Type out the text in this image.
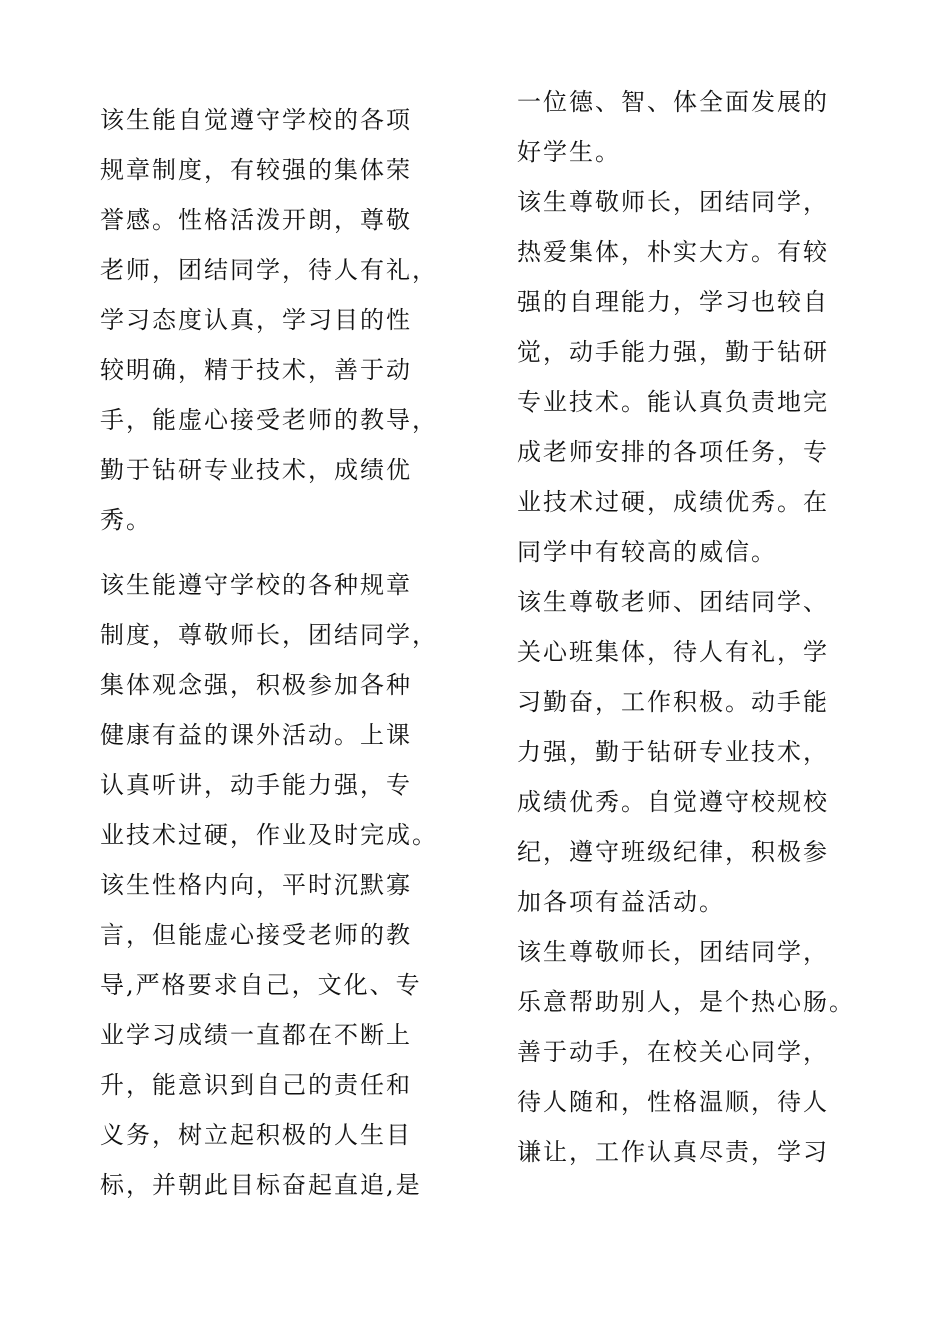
该生能自觉遵守学校的各项
规章制度，有较强的集体荣
誉感。性格活泼开朗，尊敬
老师，团结同学，待人有礼，
学习态度认真，学习目的性
较明确，精于技术，善于动
手，能虚心接受老师的教导，
勤于钻研专业技术，成绩优
秀。
该生能遵守学校的各种规章
制度，尊敬师长，团结同学，
集体观念强，积极参加各种
健康有益的课外活动。上课
认真听讲，动手能力强，专
业技术过硬，作业及时完成。
该生性格内向，平时沉默寡
言，但能虚心接受老师的教
导,严格要求自己，文化、专
业学习成绩一直都在不断上
升，能意识到自己的责任和
义务，树立起积极的人生目
标，并朝此目标奋起直追,是
一位德、智、体全面发展的
好学生。
该生尊敬师长，团结同学，
热爱集体，朴实大方。有较
强的自理能力，学习也较自
觉，动手能力强，勤于钻研
专业技术。能认真负责地完
成老师安排的各项任务，专
业技术过硬，成绩优秀。在
同学中有较高的威信。
该生尊敬老师、团结同学、
关心班集体，待人有礼，学
习勤奋，工作积极。动手能
力强，勤于钻研专业技术，
成绩优秀。自觉遵守校规校
纪，遵守班级纪律，积极参
加各项有益活动。
该生尊敬师长，团结同学，
乐意帮助别人，是个热心肠。
善于动手，在校关心同学，
待人随和，性格温顺，待人
谦让，工作认真尽责，学习
